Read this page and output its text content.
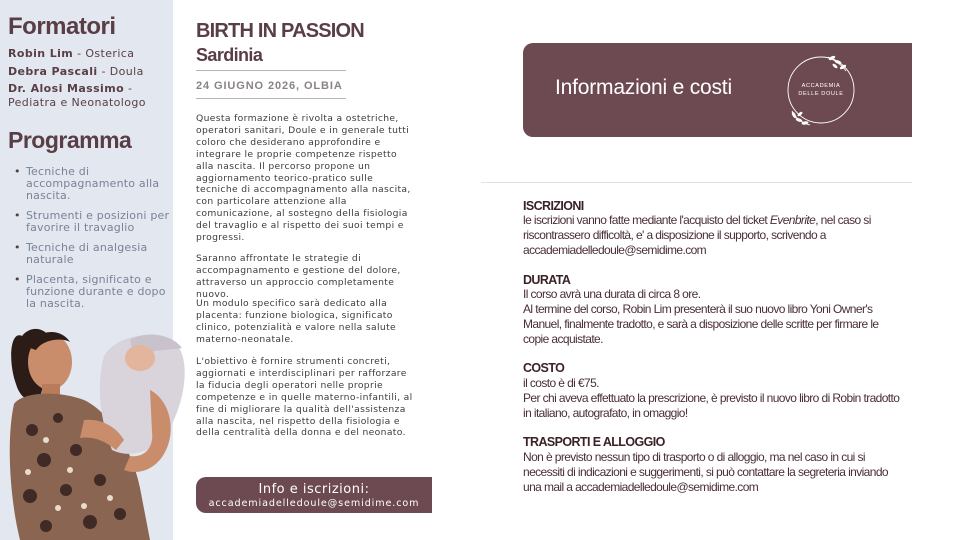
Formatori
Robin Lim - Osterica
Debra Pascali - Doula
Dr. Alosi Massimo -
Pediatra e Neonatologo
Programma
• Tecniche di accompagnamento alla nascita.
• Strumenti e posizioni per favorire il travaglio
• Tecniche di analgesia naturale
• Placenta, significato e funzione durante e dopo la nascita.
BIRTH IN PASSION
Sardinia
24 GIUGNO 2026, OLBIA

Questa formazione è rivolta a ostetriche, operatori sanitari, Doule e in generale tutti coloro che desiderano approfondire e integrare le proprie competenze rispetto alla nascita. Il percorso propone un aggiornamento teorico-pratico sulle tecniche di accompagnamento alla nascita, con particolare attenzione alla comunicazione, al sostegno della fisiologia del travaglio e al rispetto dei suoi tempi e progressi.

Saranno affrontate le strategie di accompagnamento e gestione del dolore, attraverso un approccio completamente nuovo.

Un modulo specifico sarà dedicato alla placenta: funzione biologica, significato clinico, potenzialità e valore nella salute materno-neonatale.

L'obiettivo è fornire strumenti concreti, aggiornati e interdisciplinari per rafforzare la fiducia degli operatori nelle proprie competenze e in quelle materno-infantili, al fine di migliorare la qualità dell'assistenza alla nascita, nel rispetto della fisiologia e della centralità della donna e del neonato.

Info e iscrizioni:
accademiadelledoule@semidime.com
Informazioni e costi	ACCADEMIA
DELLE DOULE
ISCRIZIONI

le iscrizioni vanno fatte mediante l'acquisto del ticket Evenbrite, nel caso si riscontrassero difficoltà, e' a disposizione il supporto, scrivendo a accademiadelledoule@semidime.com

DURATA

Il corso avrà una durata di circa 8 ore.

Al termine del corso, Robin Lim presenterà il suo nuovo libro Yoni Owner's Manuel, finalmente tradotto, e sarà a disposizione delle scritte per firmare le copie acquistate.

COSTO

il costo è di €75.

Per chi aveva effettuato la prescrizione, è previsto il nuovo libro di Robin tradotto in italiano, autografato, in omaggio!

TRASPORTI E ALLOGGIO

Non è previsto nessun tipo di trasporto o di alloggio, ma nel caso in cui si necessiti di indicazioni e suggerimenti, si può contattare la segreteria inviando una mail a accademiadelledoule@semidime.com
